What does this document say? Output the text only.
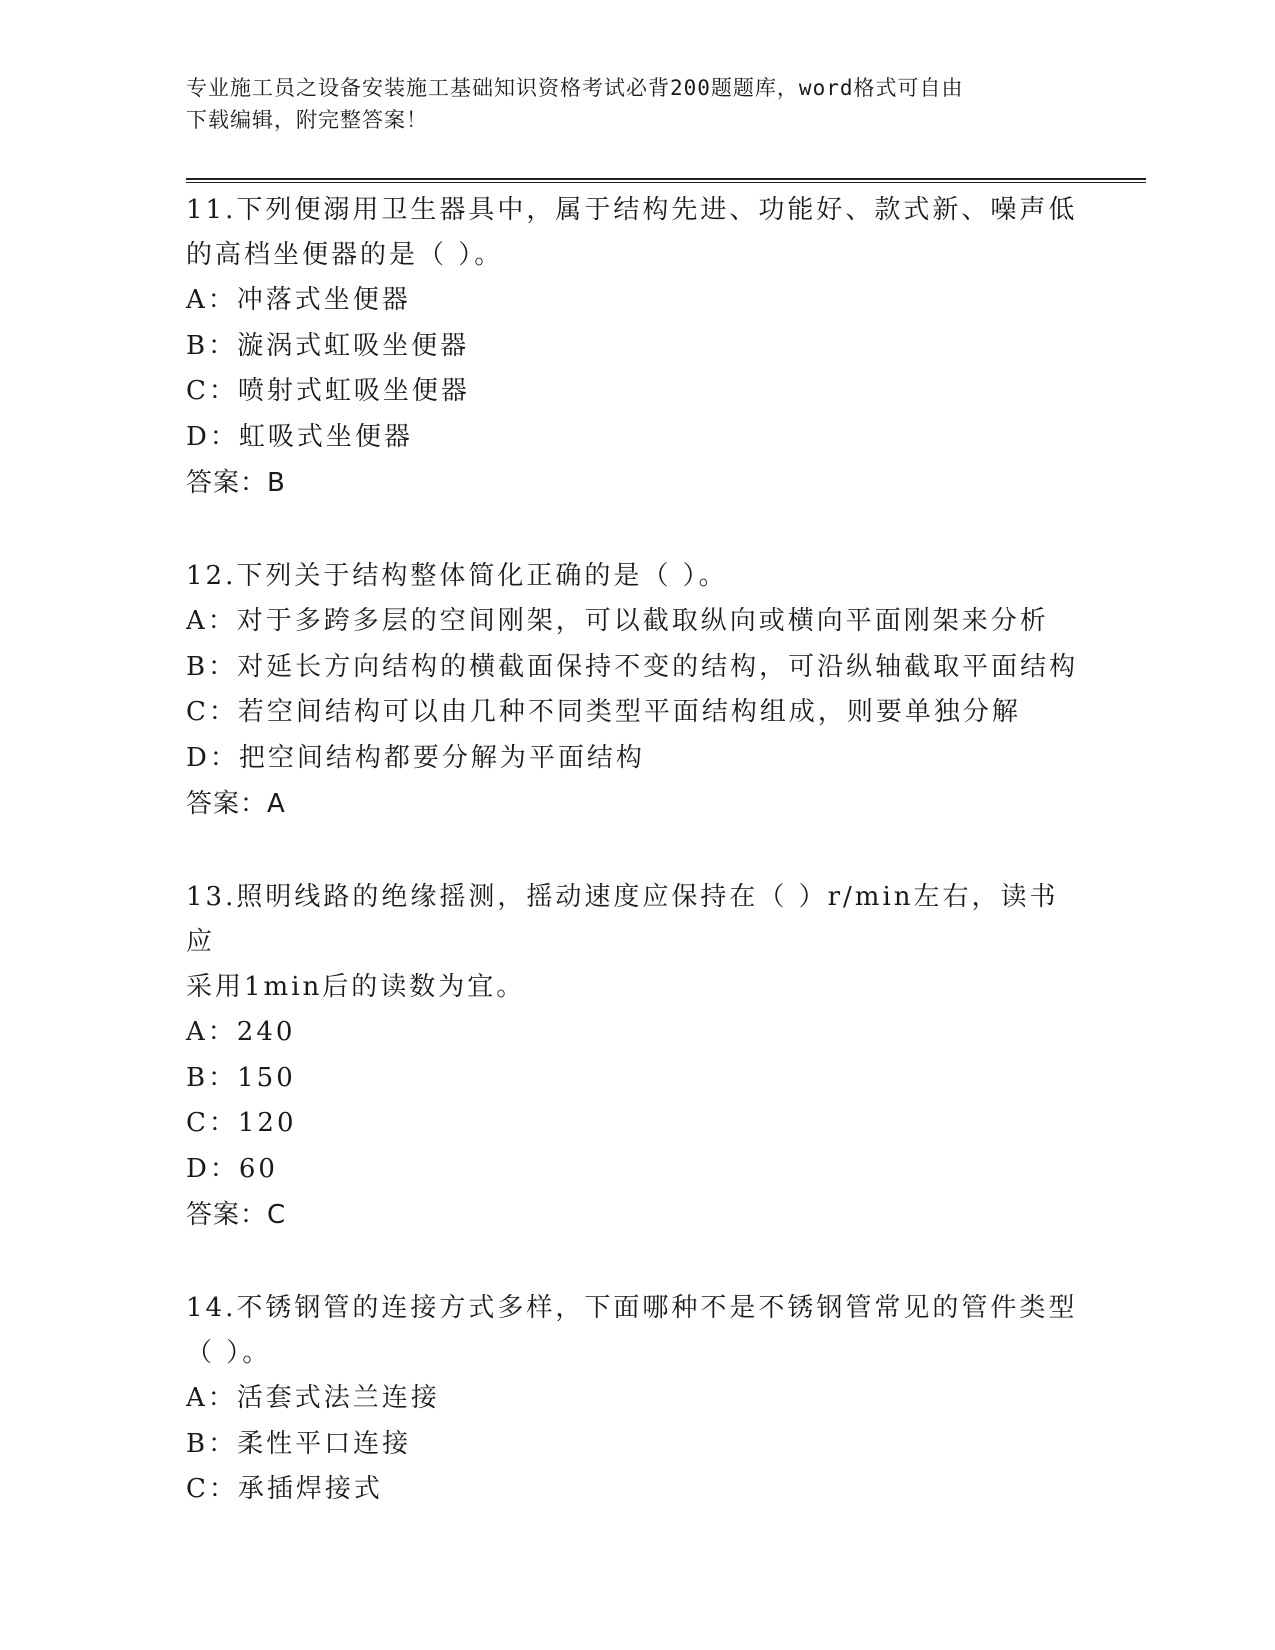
专业施工员之设备安装施工基础知识资格考试必背200题题库，word格式可自由
下载编辑，附完整答案！

11.下列便溺用卫生器具中，属于结构先进、功能好、款式新、噪声低

的高档坐便器的是（ ）。

A：冲落式坐便器

B：漩涡式虹吸坐便器

C：喷射式虹吸坐便器

D：虹吸式坐便器

答案：B

12.下列关于结构整体简化正确的是（ ）。

A：对于多跨多层的空间刚架，可以截取纵向或横向平面刚架来分析

B：对延长方向结构的横截面保持不变的结构，可沿纵轴截取平面结构

C：若空间结构可以由几种不同类型平面结构组成，则要单独分解

D：把空间结构都要分解为平面结构

答案：A

13.照明线路的绝缘摇测，摇动速度应保持在（ ）r/min左右，读书应

采用1min后的读数为宜。

A：240

B：150

C：120

D：60

答案：C

14.不锈钢管的连接方式多样，下面哪种不是不锈钢管常见的管件类型

（ ）。

A：活套式法兰连接

B：柔性平口连接

C：承插焊接式
